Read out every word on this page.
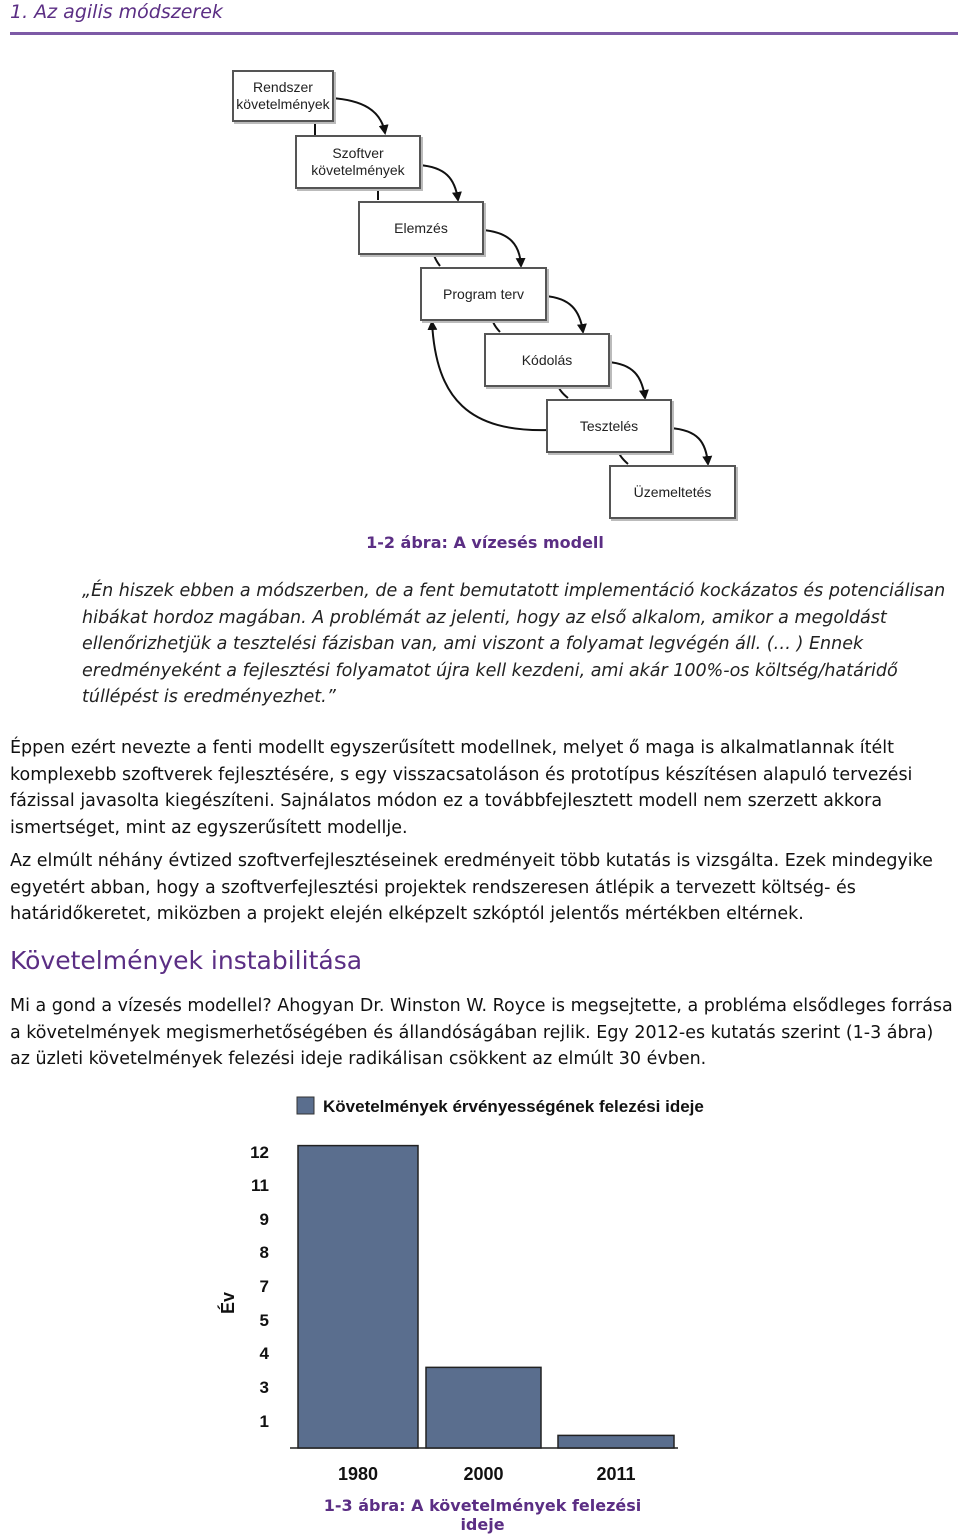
1. Az agilis módszerek
Rendszer követelmények
Szoftver követelmények
Elemzés
Program terv
Kódolás
Tesztelés
Üzemeltetés
1-2 ábra: A vízesés modell
„Én hiszek ebben a módszerben, de a fent bemutatott implementáció kockázatos és potenciálisan hibákat hordoz magában. A problémát az jelenti, hogy az első alkalom, amikor a megoldást ellenőrizhetjük a tesztelési fázisban van, ami viszont a folyamat legvégén áll. (… ) Ennek eredményeként a fejlesztési folyamatot újra kell kezdeni, ami akár 100%-os költség/határidő túllépést is eredményezhet.”
Éppen ezért nevezte a fenti modellt egyszerűsített modellnek, melyet ő maga is alkalmatlannak ítélt komplexebb szoftverek fejlesztésére, s egy visszacsatoláson és prototípus készítésen alapuló tervezési fázissal javasolta kiegészíteni. Sajnálatos módon ez a továbbfejlesztett modell nem szerzett akkora ismertséget, mint az egyszerűsített modellje.
Az elmúlt néhány évtized szoftverfejlesztéseinek eredményeit több kutatás is vizsgálta. Ezek mindegyike egyetért abban, hogy a szoftverfejlesztési projektek rendszeresen átlépik a tervezett költség- és határidőkeretet, miközben a projekt elején elképzelt szkóptól jelentős mértékben eltérnek.
Követelmények instabilitása
Mi a gond a vízesés modellel? Ahogyan Dr. Winston W. Royce is megsejtette, a probléma elsődleges forrása a követelmények megismerhetőségében és állandóságában rejlik. Egy 2012-es kutatás szerint (1-3 ábra) az üzleti követelmények felezési ideje radikálisan csökkent az elmúlt 30 évben.
Követelmények érvényességének felezési ideje
Év
12
11
9
8
7
5
4
3
1
1980	2000	2011
1-3 ábra: A követelmények felezési ideje
